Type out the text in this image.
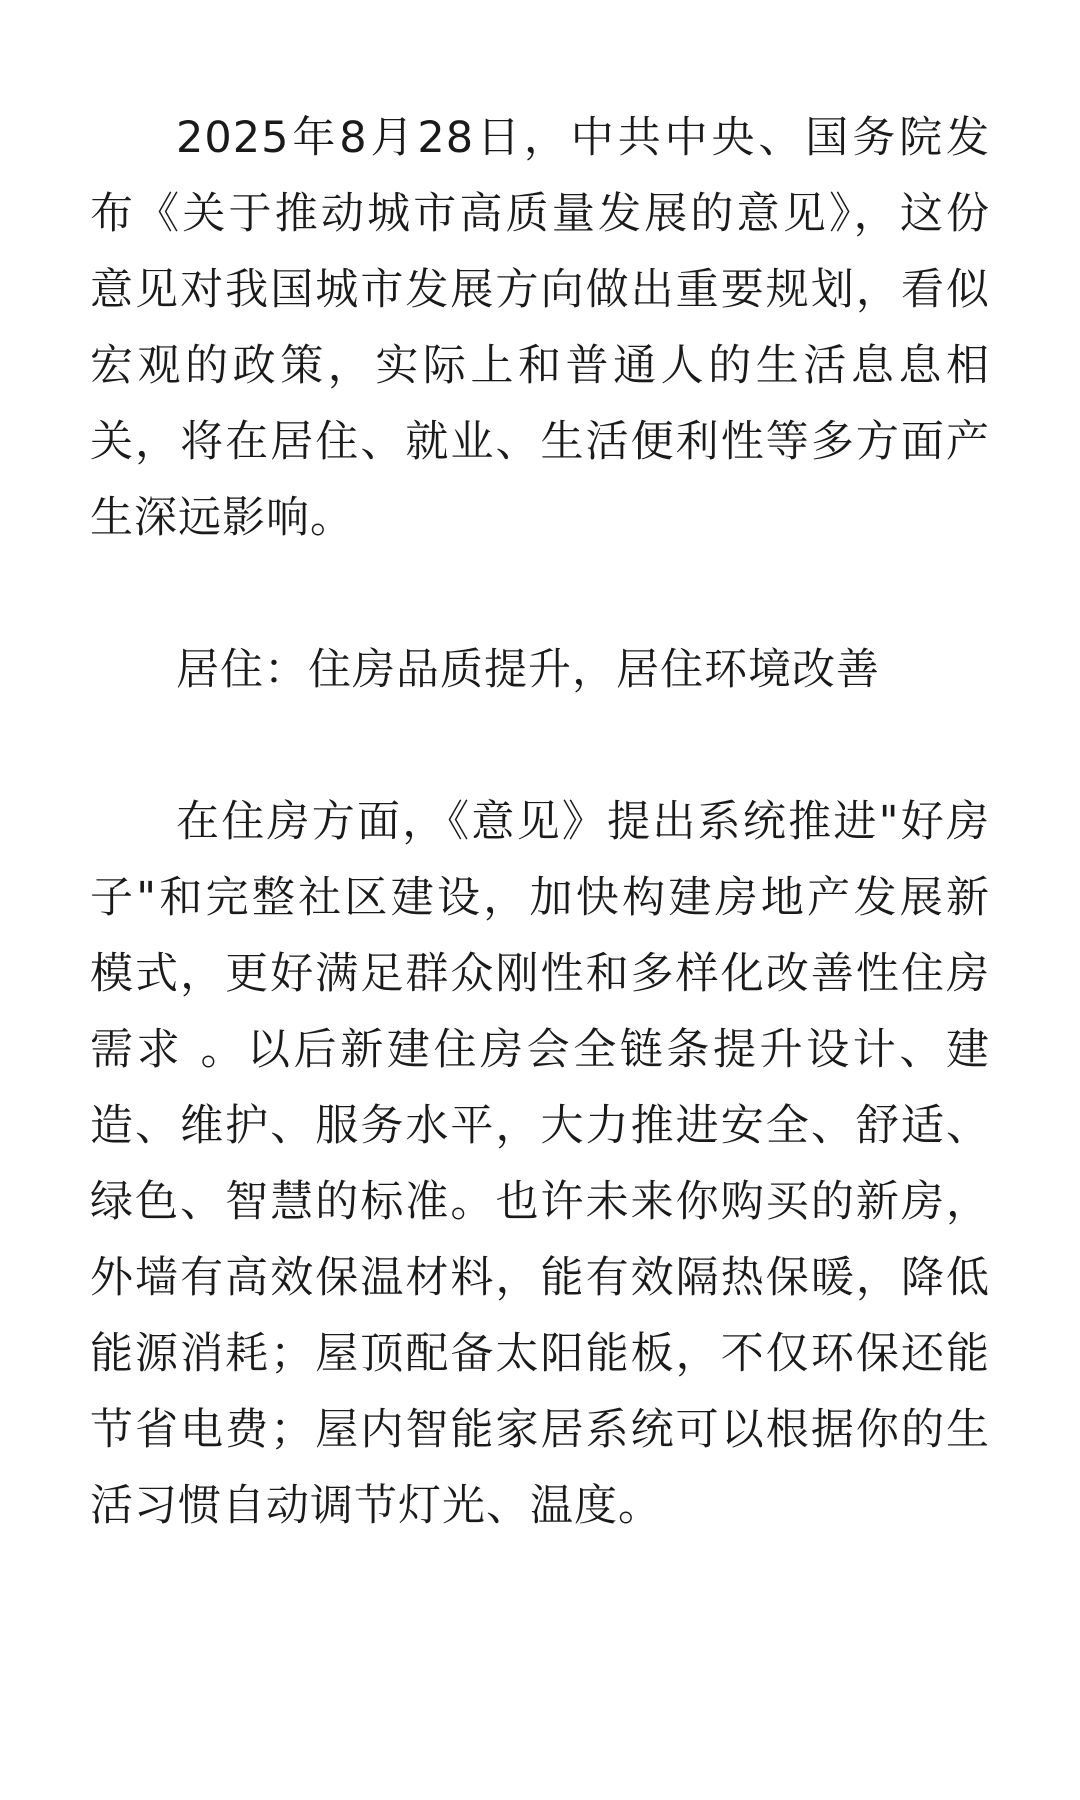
2025年8月28日，中共中央、国务院发布《关于推动城市高质量发展的意见》，这份意见对我国城市发展方向做出重要规划，看似宏观的政策，实际上和普通人的生活息息相关，将在居住、就业、生活便利性等多方面产生深远影响。

居住：住房品质提升，居住环境改善

在住房方面，《意见》提出系统推进"好房子"和完整社区建设，加快构建房地产发展新模式，更好满足群众刚性和多样化改善性住房需求 。以后新建住房会全链条提升设计、建造、维护、服务水平，大力推进安全、舒适、绿色、智慧的标准。也许未来你购买的新房，外墙有高效保温材料，能有效隔热保暖，降低能源消耗；屋顶配备太阳能板，不仅环保还能节省电费；屋内智能家居系统可以根据你的生活习惯自动调节灯光、温度。
